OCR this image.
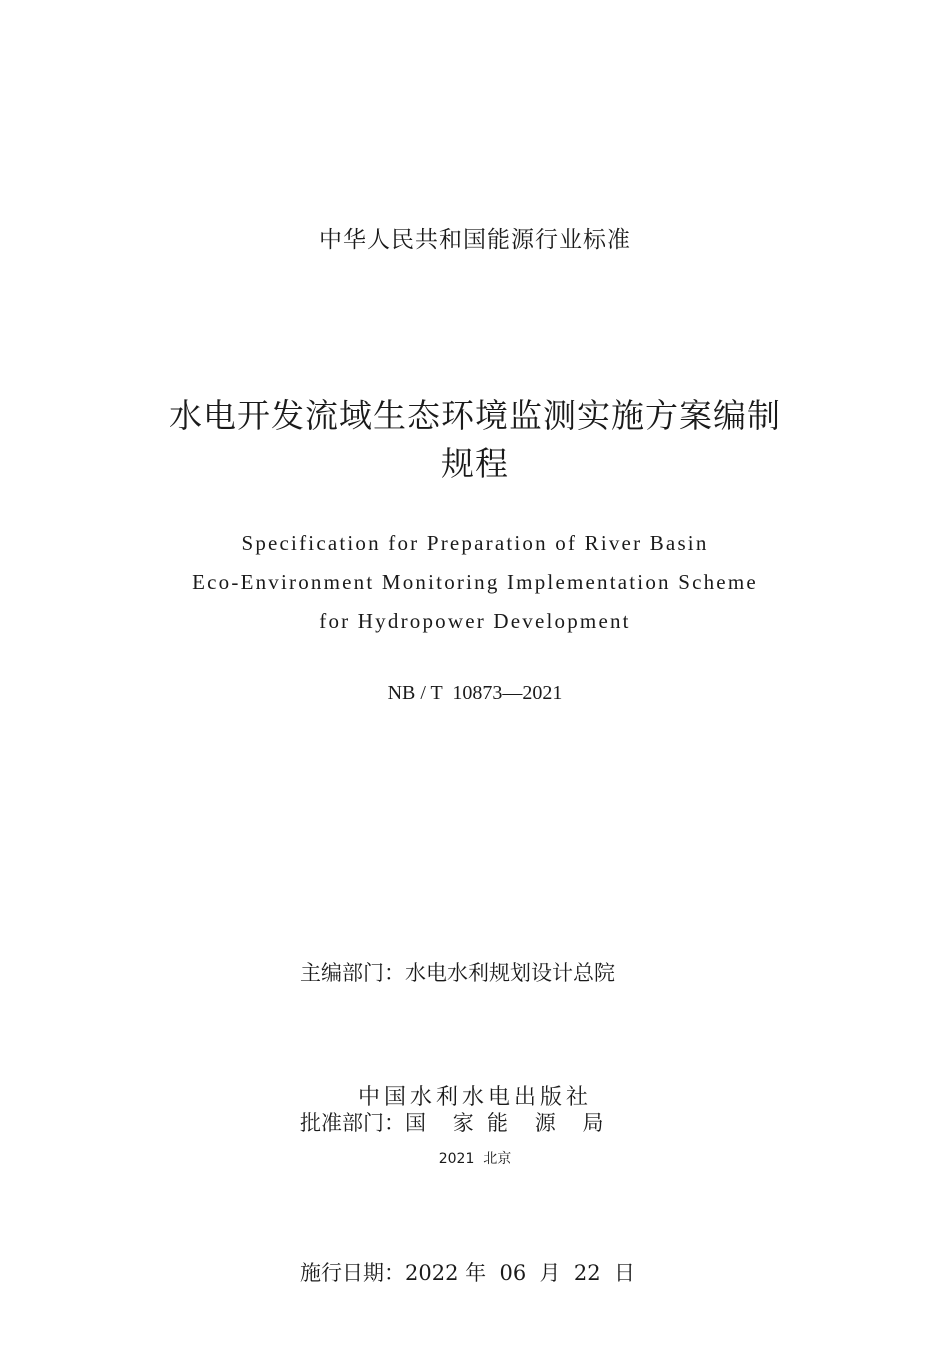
中华人民共和国能源行业标准
水电开发流域生态环境监测实施方案编制
规程
Specification for Preparation of River Basin
Eco-Environment Monitoring Implementation Scheme
for Hydropower Development
NB / T  10873—2021

主编部门：水电水利规划设计总院

批准部门：国    家  能    源    局

施行日期：2022 年  06  月  22  日

中国水利水电出版社
2021  北京
